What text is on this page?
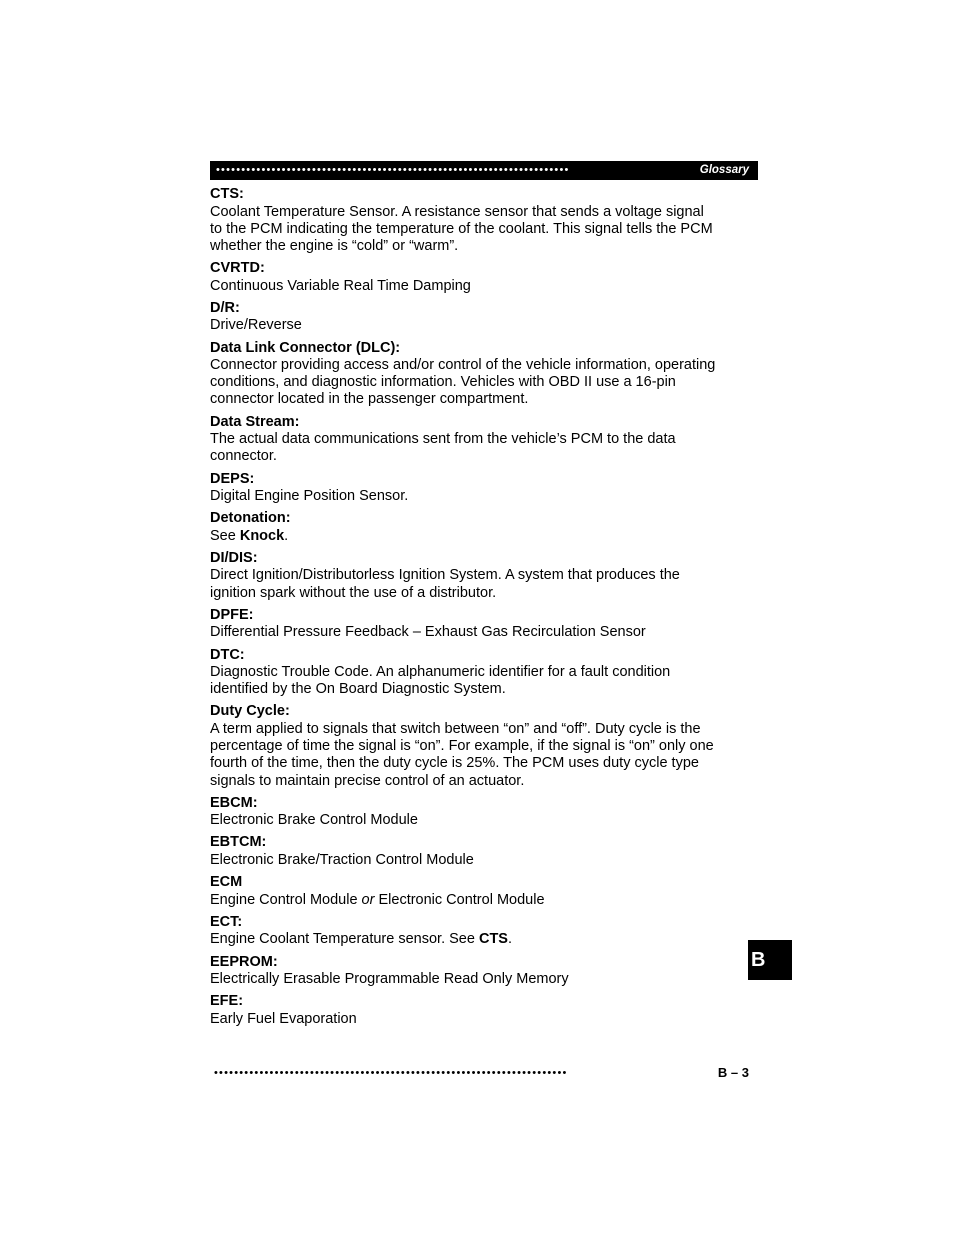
••••••••••••••••••••••••••••••••••••••••••••••••••••••••••••••••••••••	Glossary
CTS:
Coolant Temperature Sensor. A resistance sensor that sends a voltage signal
to the PCM indicating the temperature of the coolant. This signal tells the PCM
whether the engine is “cold” or “warm”.
CVRTD:
Continuous Variable Real Time Damping
D/R:
Drive/Reverse
Data Link Connector (DLC):
Connector providing access and/or control of the vehicle information, operating
conditions, and diagnostic information. Vehicles with OBD II use a 16-pin
connector located in the passenger compartment.
Data Stream:
The actual data communications sent from the vehicle’s PCM to the data
connector.
DEPS:
Digital Engine Position Sensor.
Detonation:
See Knock.
DI/DIS:
Direct Ignition/Distributorless Ignition System. A system that produces the
ignition spark without the use of a distributor.
DPFE:
Differential Pressure Feedback – Exhaust Gas Recirculation Sensor
DTC:
Diagnostic Trouble Code. An alphanumeric identifier for a fault condition
identified by the On Board Diagnostic System.
Duty Cycle:
A term applied to signals that switch between “on” and “off”. Duty cycle is the
percentage of time the signal is “on”. For example, if the signal is “on” only one
fourth of the time, then the duty cycle is 25%. The PCM uses duty cycle type
signals to maintain precise control of an actuator.
EBCM:
Electronic Brake Control Module
EBTCM:
Electronic Brake/Traction Control Module
ECM
Engine Control Module or Electronic Control Module
ECT:
Engine Coolant Temperature sensor. See CTS.
EEPROM:
Electrically Erasable Programmable Read Only Memory
EFE:
Early Fuel Evaporation
B
••••••••••••••••••••••••••••••••••••••••••••••••••••••••••••••••••••••	B – 3
